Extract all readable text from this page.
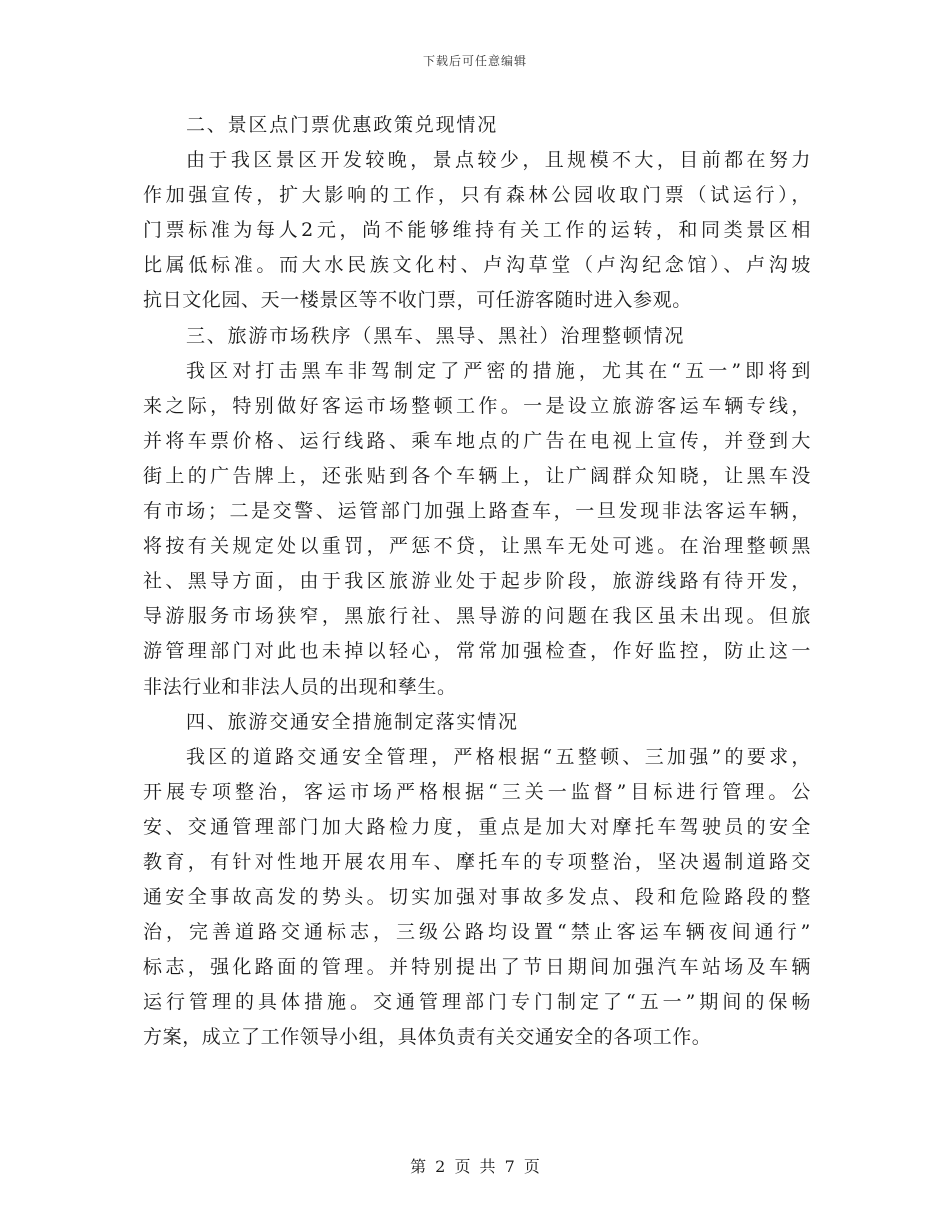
下载后可任意编辑
二、景区点门票优惠政策兑现情况
由于我区景区开发较晚，景点较少，且规模不大，目前都在努力
作加强宣传，扩大影响的工作，只有森林公园收取门票（试运行），
门票标准为每人2元，尚不能够维持有关工作的运转，和同类景区相
比属低标准。而大水民族文化村、卢沟草堂（卢沟纪念馆）、卢沟坡
抗日文化园、天一楼景区等不收门票，可任游客随时进入参观。
三、旅游市场秩序（黑车、黑导、黑社）治理整顿情况
我区对打击黑车非驾制定了严密的措施，尤其在“五一”即将到
来之际，特别做好客运市场整顿工作。一是设立旅游客运车辆专线，
并将车票价格、运行线路、乘车地点的广告在电视上宣传，并登到大
街上的广告牌上，还张贴到各个车辆上，让广阔群众知晓，让黑车没
有市场；二是交警、运管部门加强上路查车，一旦发现非法客运车辆，
将按有关规定处以重罚，严惩不贷，让黑车无处可逃。在治理整顿黑
社、黑导方面，由于我区旅游业处于起步阶段，旅游线路有待开发，
导游服务市场狭窄，黑旅行社、黑导游的问题在我区虽未出现。但旅
游管理部门对此也未掉以轻心，常常加强检查，作好监控，防止这一
非法行业和非法人员的出现和孳生。
四、旅游交通安全措施制定落实情况
我区的道路交通安全管理，严格根据“五整顿、三加强”的要求，
开展专项整治，客运市场严格根据“三关一监督”目标进行管理。公
安、交通管理部门加大路检力度，重点是加大对摩托车驾驶员的安全
教育，有针对性地开展农用车、摩托车的专项整治，坚决遏制道路交
通安全事故高发的势头。切实加强对事故多发点、段和危险路段的整
治，完善道路交通标志，三级公路均设置“禁止客运车辆夜间通行”
标志，强化路面的管理。并特别提出了节日期间加强汽车站场及车辆
运行管理的具体措施。交通管理部门专门制定了“五一”期间的保畅
方案，成立了工作领导小组，具体负责有关交通安全的各项工作。
第 2 页 共 7 页
